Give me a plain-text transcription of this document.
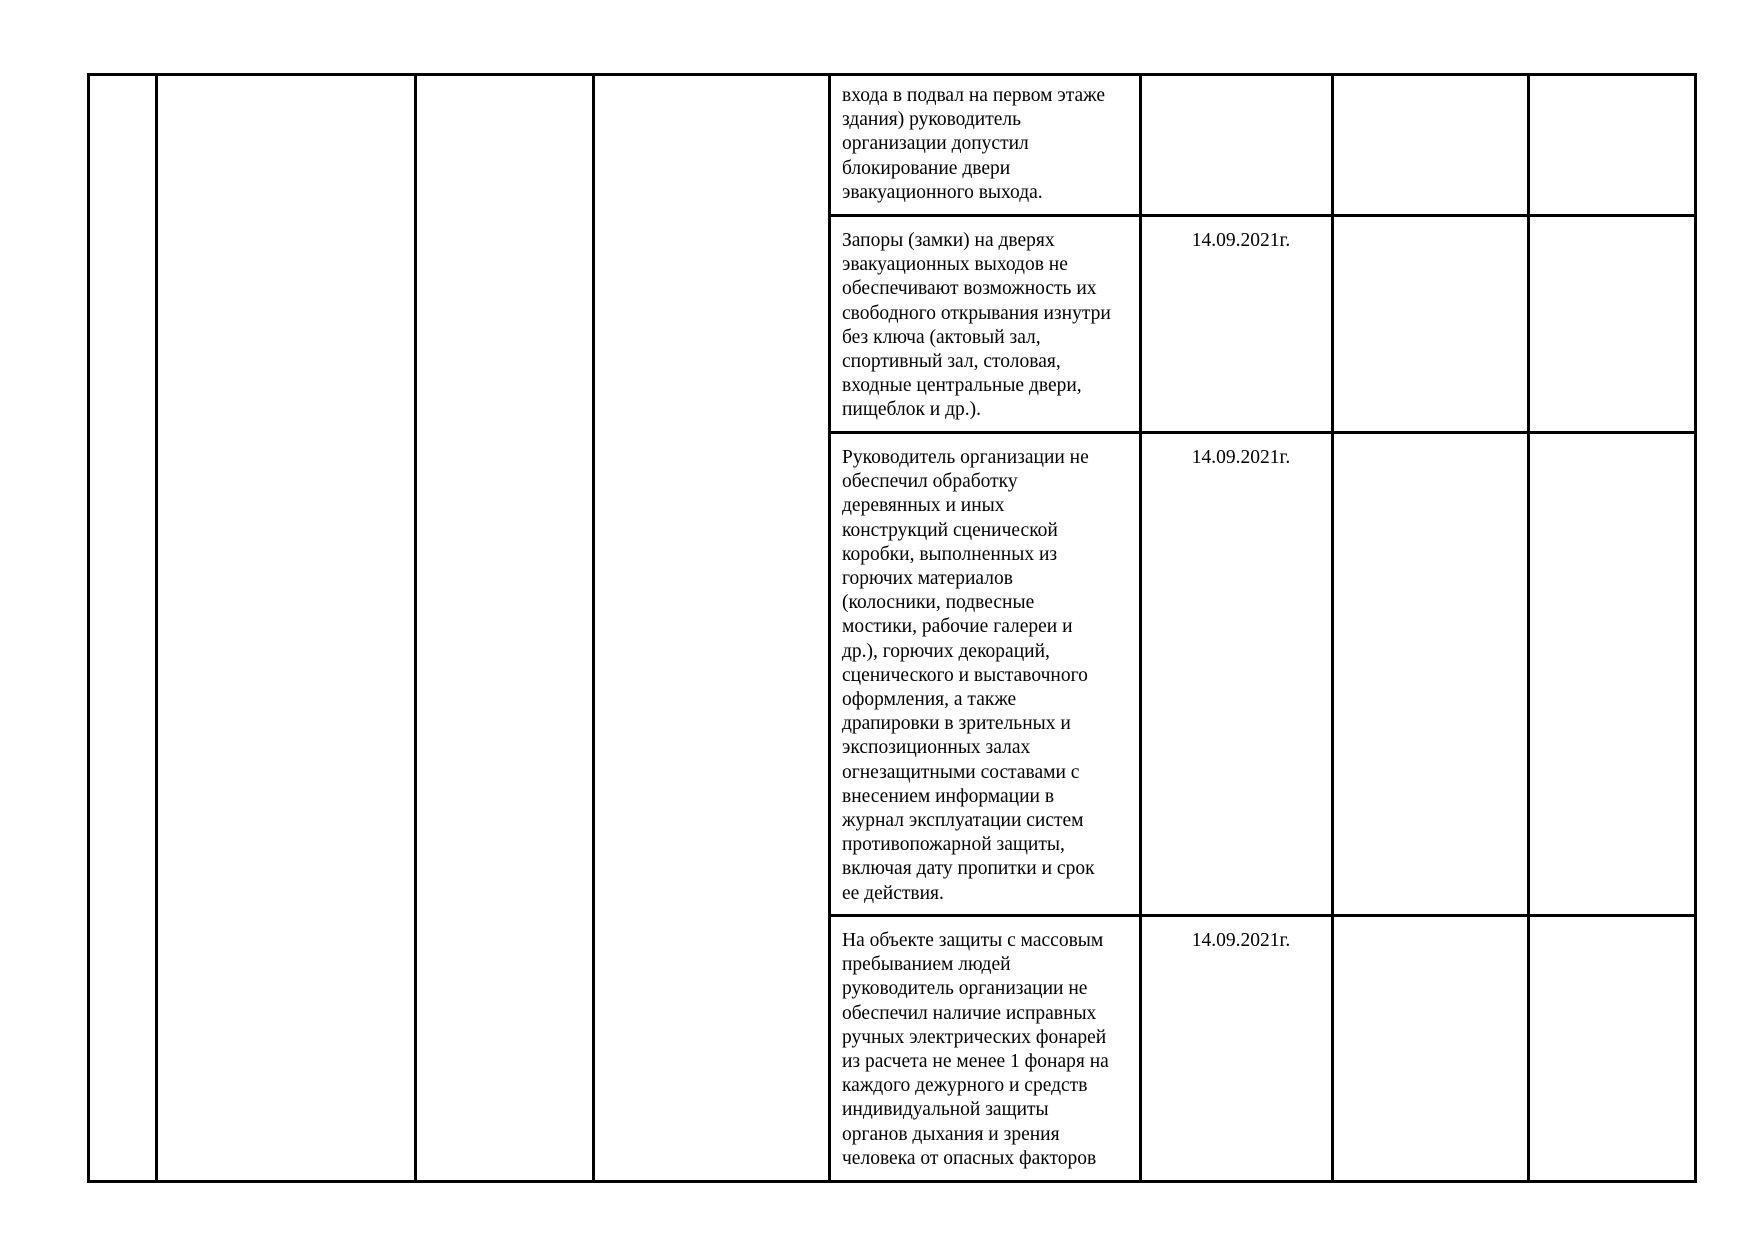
входа в подвал на первом этаже
здания) руководитель
организации допустил
блокирование двери
эвакуационного выхода.
14.09.2021г.
Запоры (замки) на дверях
эвакуационных выходов не
обеспечивают возможность их
свободного открывания изнутри
без ключа (актовый зал,
спортивный зал, столовая,
входные центральные двери,
пищеблок и др.).
Руководитель организации не
обеспечил обработку
деревянных и иных
конструкций сценической
коробки, выполненных из
горючих материалов
(колосники, подвесные
мостики, рабочие галереи и
др.), горючих декораций,
сценического и выставочного
оформления, а также
драпировки в зрительных и
экспозиционных залах
огнезащитными составами с
внесением информации в
журнал эксплуатации систем
противопожарной защиты,
включая дату пропитки и срок
ее действия.
14.09.2021г.
На объекте защиты с массовым
пребыванием людей
руководитель организации не
обеспечил наличие исправных
ручных электрических фонарей
из расчета не менее 1 фонаря на
каждого дежурного и средств
индивидуальной защиты
органов дыхания и зрения
человека от опасных факторов
14.09.2021г.
